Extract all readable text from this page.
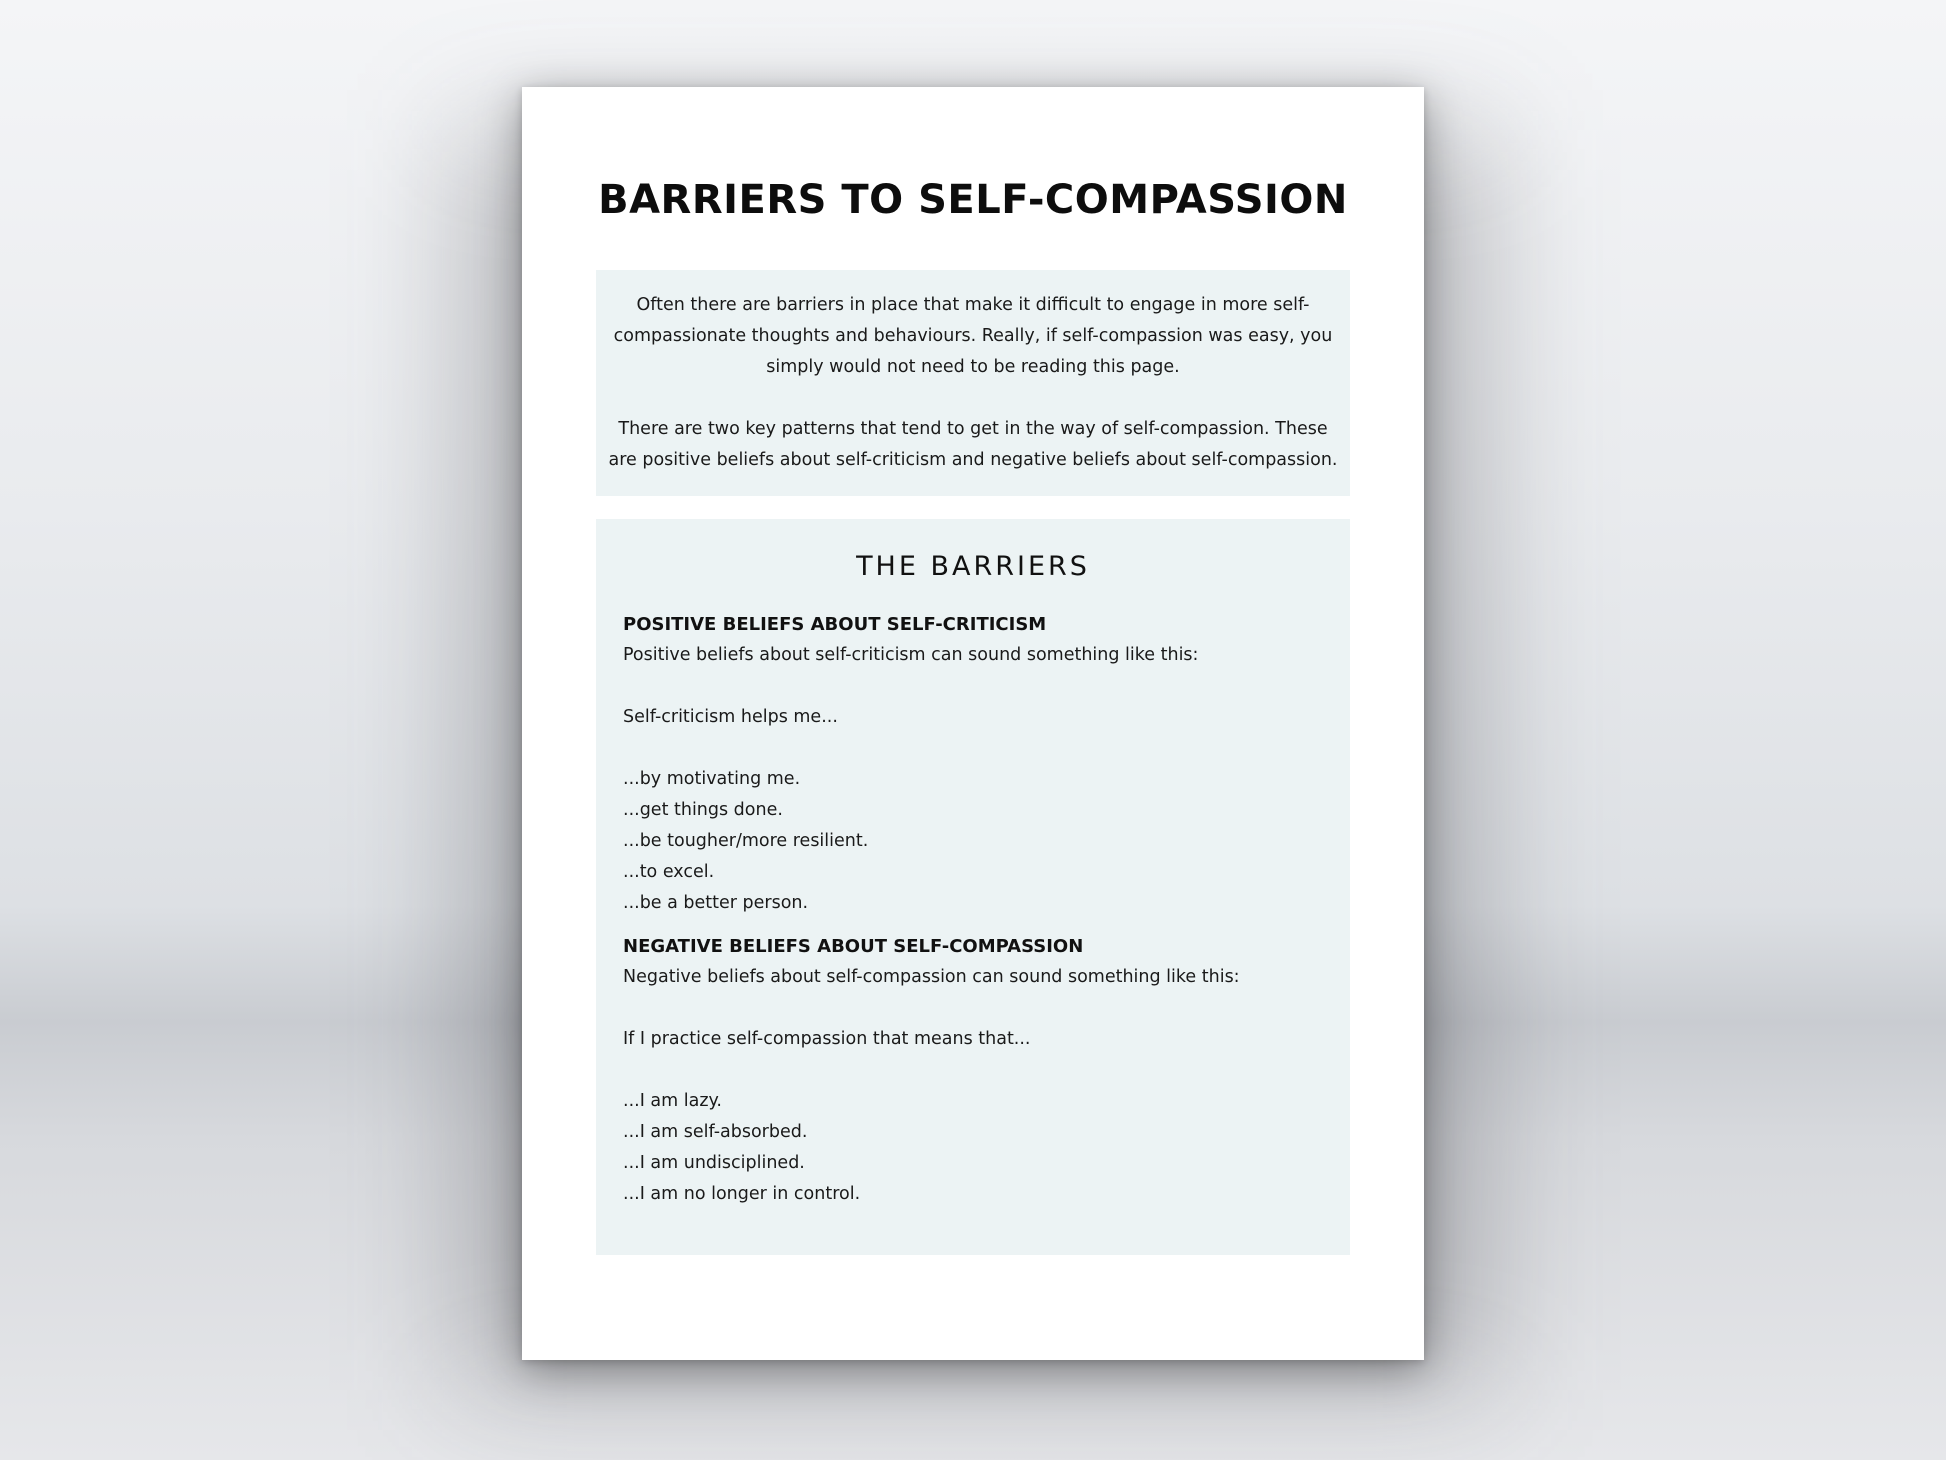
BARRIERS TO SELF-COMPASSION

Often there are barriers in place that make it difficult to engage in more self-compassionate thoughts and behaviours. Really, if self-compassion was easy, you simply would not need to be reading this page.

There are two key patterns that tend to get in the way of self-compassion. These are positive beliefs about self-criticism and negative beliefs about self-compassion.

THE BARRIERS
POSITIVE BELIEFS ABOUT SELF-CRITICISM

Positive beliefs about self-criticism can sound something like this:

Self-criticism helps me...

...by motivating me.
...get things done.
...be tougher/more resilient.
...to excel.
...be a better person.
NEGATIVE BELIEFS ABOUT SELF-COMPASSION

Negative beliefs about self-compassion can sound something like this:

If I practice self-compassion that means that...

...I am lazy.
...I am self-absorbed.
...I am undisciplined.
...I am no longer in control.
